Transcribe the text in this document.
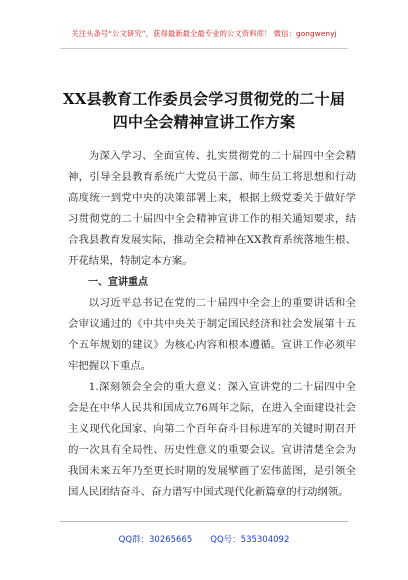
关注头条号“公文研究”，获得最新最全最专业的公文资料库！ 微信：gongwenyj
XX县教育工作委员会学习贯彻党的二十届四中全会精神宣讲工作方案

为深入学习、全面宣传、扎实贯彻党的二十届四中全会精神，引导全县教育系统广大党员干部、师生员工将思想和行动高度统一到党中央的决策部署上来，根据上级党委关于做好学习贯彻党的二十届四中全会精神宣讲工作的相关通知要求，结合我县教育发展实际，推动全会精神在XX教育系统落地生根、开花结果，特制定本方案。

一、宣讲重点

以习近平总书记在党的二十届四中全会上的重要讲话和全会审议通过的《中共中央关于制定国民经济和社会发展第十五个五年规划的建议》为核心内容和根本遵循。宣讲工作必须牢牢把握以下重点。

1.深刻领会全会的重大意义：深入宣讲党的二十届四中全会是在中华人民共和国成立76周年之际，在进入全面建设社会主义现代化国家、向第二个百年奋斗目标进军的关键时期召开的一次具有全局性、历史性意义的重要会议。宣讲清楚全会为我国未来五年乃至更长时期的发展擘画了宏伟蓝图，是引领全国人民团结奋斗、奋力谱写中国式现代化新篇章的行动纲领。

QQ群：30265665 QQ号：535304092
